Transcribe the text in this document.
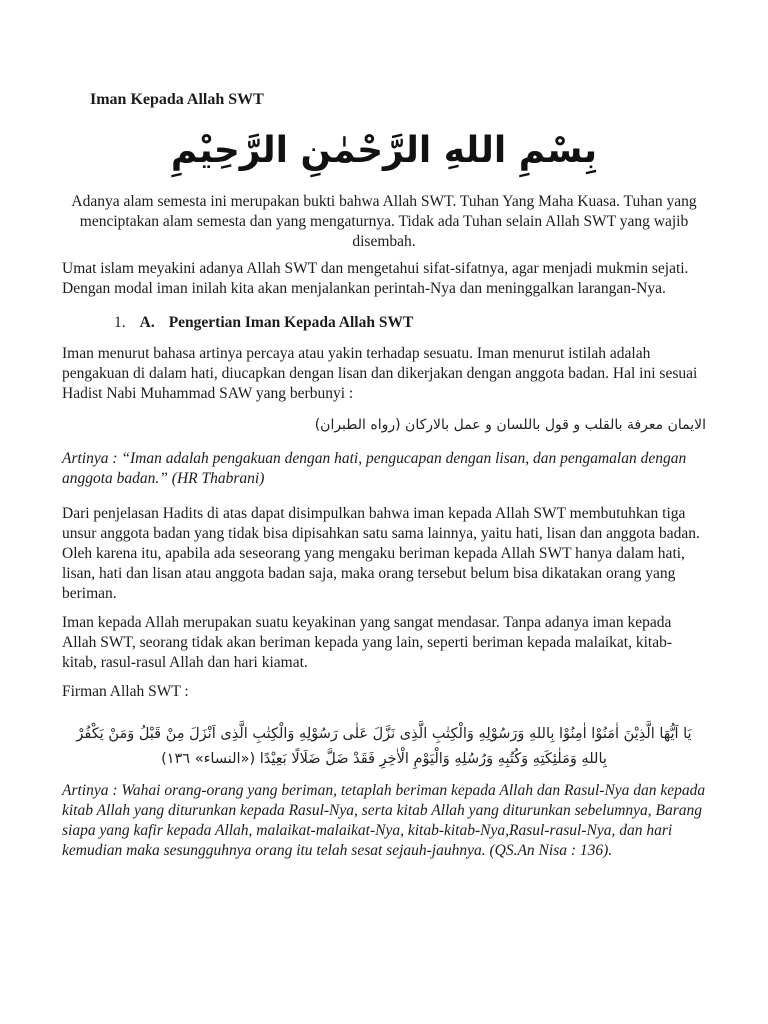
Iman Kepada Allah SWT
بِسْمِ اللهِ الرَّحْمٰنِ الرَّحِيْمِ

Adanya alam semesta ini merupakan bukti bahwa Allah SWT. Tuhan Yang Maha Kuasa. Tuhan yang menciptakan alam semesta dan yang mengaturnya. Tidak ada Tuhan selain Allah SWT yang wajib disembah.

Umat islam meyakini adanya Allah SWT dan mengetahui sifat-sifatnya, agar menjadi mukmin sejati. Dengan modal iman inilah kita akan menjalankan perintah-Nya dan meninggalkan larangan-Nya.

1. A. Pengertian Iman Kepada Allah SWT

Iman menurut bahasa artinya percaya atau yakin terhadap sesuatu. Iman menurut istilah adalah pengakuan di dalam hati, diucapkan dengan lisan dan dikerjakan dengan anggota badan. Hal ini sesuai Hadist Nabi Muhammad SAW yang berbunyi :

الايمان معرفة بالقلب و قول باللسان و عمل بالاركان (رواه الطبران)

Artinya : “Iman adalah pengakuan dengan hati, pengucapan dengan lisan, dan pengamalan dengan anggota badan.” (HR Thabrani)

Dari penjelasan Hadits di atas dapat disimpulkan bahwa iman kepada Allah SWT membutuhkan tiga unsur anggota badan yang tidak bisa dipisahkan satu sama lainnya, yaitu hati, lisan dan anggota badan. Oleh karena itu, apabila ada seseorang yang mengaku beriman kepada Allah SWT hanya dalam hati, lisan, hati dan lisan atau anggota badan saja, maka orang tersebut belum bisa dikatakan orang yang beriman.

Iman kepada Allah merupakan suatu keyakinan yang sangat mendasar. Tanpa adanya iman kepada Allah SWT, seorang tidak akan beriman kepada yang lain, seperti beriman kepada malaikat, kitab-kitab, rasul-rasul Allah dan hari kiamat.

Firman Allah SWT :

يَا اَيُّهَا الَّذِيْنَ اٰمَنُوْا اٰمِنُوْا بِاللهِ وَرَسُوْلِهِ وَالْكِتٰبِ الَّذِى نَزَّلَ عَلٰى رَسُوْلِهِ وَالْكِتٰبِ الَّذِى اَنْزَلَ مِنْ قَبْلُ وَمَنْ يَكْفُرْ بِاللهِ وَمَلٰئِكَتِهِ وَكُتُبِهِ وَرُسُلِهِ وَالْيَوْمِ الْاٰخِرِ فَقَدْ ضَلَّ ضَلَالًا بَعِيْدًا («النساء» ١٣٦)

Artinya : Wahai orang-orang yang beriman, tetaplah beriman kepada Allah dan Rasul-Nya dan kepada kitab Allah yang diturunkan kepada Rasul-Nya, serta kitab Allah yang diturunkan sebelumnya, Barang siapa yang kafir kepada Allah, malaikat-malaikat-Nya, kitab-kitab-Nya,Rasul-rasul-Nya, dan hari kemudian maka sesungguhnya orang itu telah sesat sejauh-jauhnya. (QS.An Nisa : 136).
